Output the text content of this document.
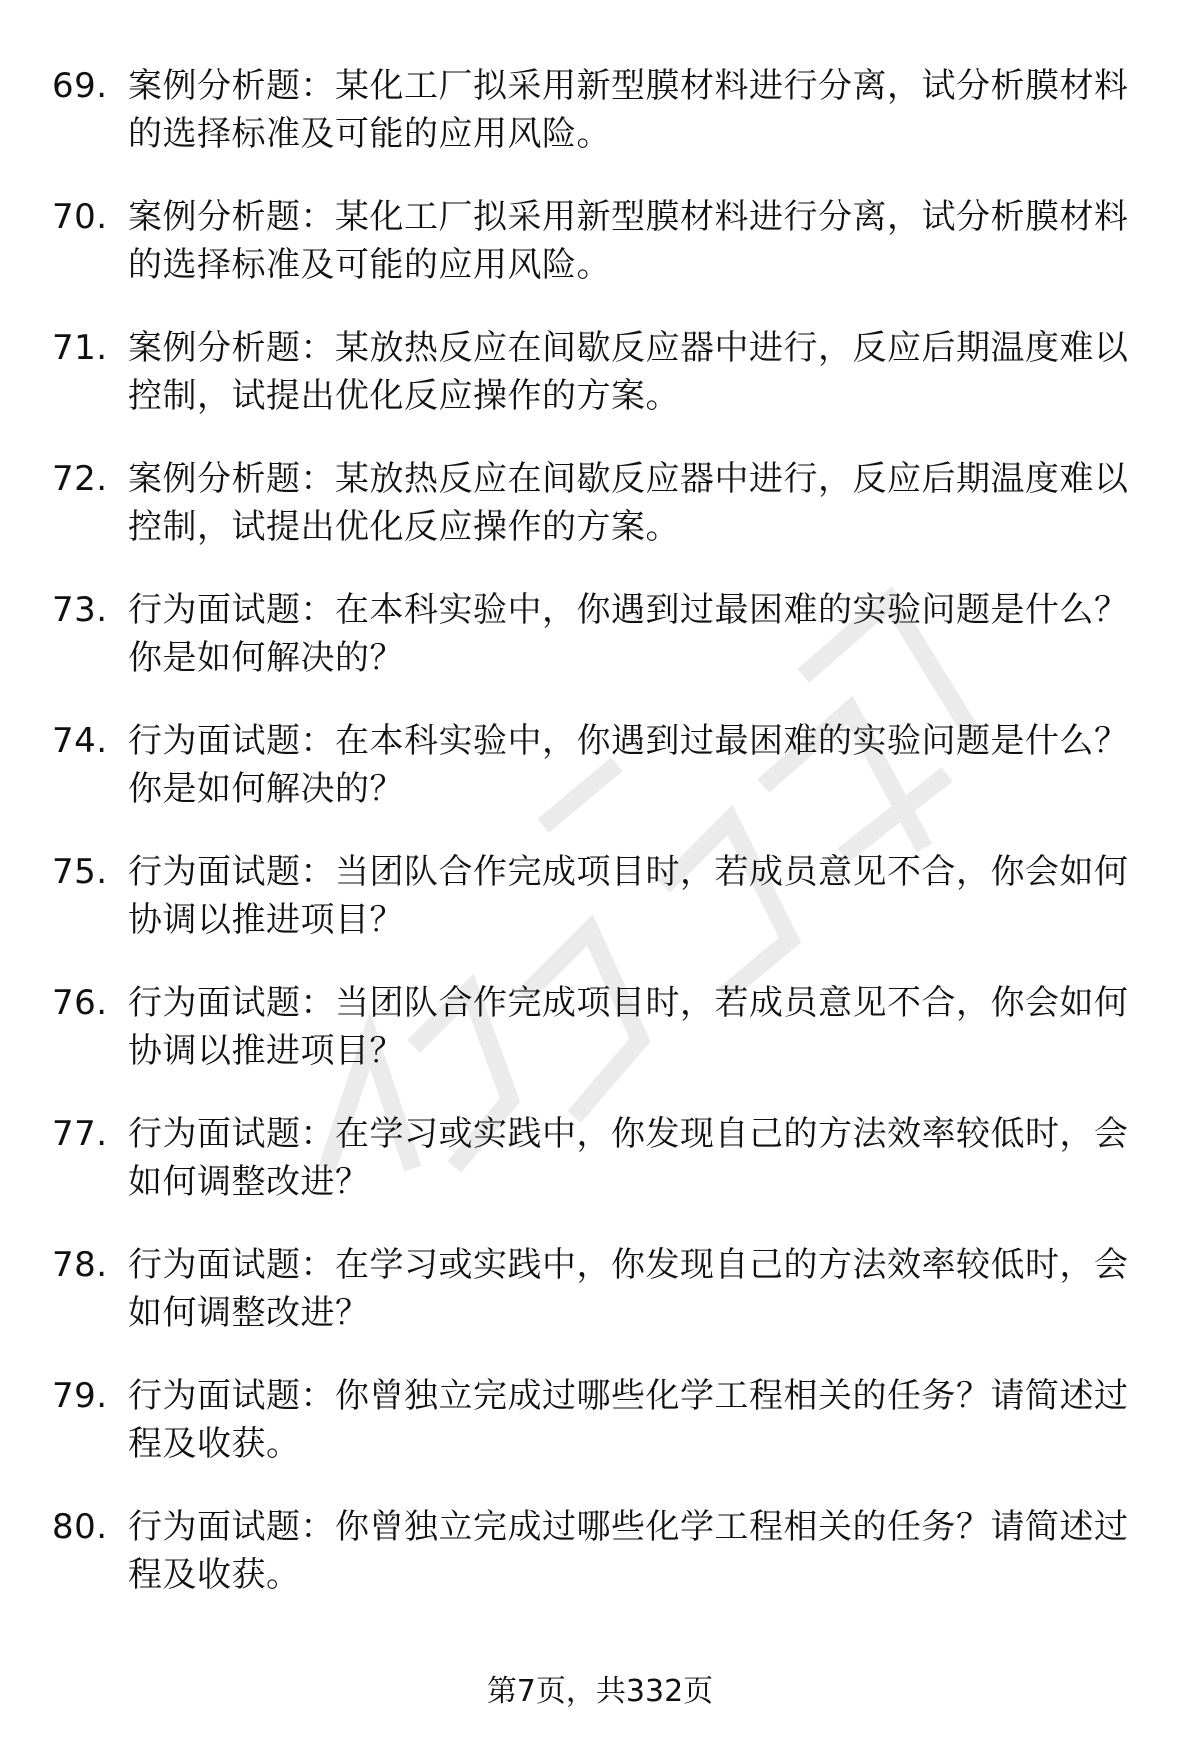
69. 案例分析题：某化工厂拟采用新型膜材料进行分离，试分析膜材料的选择标准及可能的应用风险。
70. 案例分析题：某化工厂拟采用新型膜材料进行分离，试分析膜材料的选择标准及可能的应用风险。
71. 案例分析题：某放热反应在间歇反应器中进行，反应后期温度难以控制，试提出优化反应操作的方案。
72. 案例分析题：某放热反应在间歇反应器中进行，反应后期温度难以控制，试提出优化反应操作的方案。
73. 行为面试题：在本科实验中，你遇到过最困难的实验问题是什么？你是如何解决的？
74. 行为面试题：在本科实验中，你遇到过最困难的实验问题是什么？你是如何解决的？
75. 行为面试题：当团队合作完成项目时，若成员意见不合，你会如何协调以推进项目？
76. 行为面试题：当团队合作完成项目时，若成员意见不合，你会如何协调以推进项目？
77. 行为面试题：在学习或实践中，你发现自己的方法效率较低时，会如何调整改进？
78. 行为面试题：在学习或实践中，你发现自己的方法效率较低时，会如何调整改进？
79. 行为面试题：你曾独立完成过哪些化学工程相关的任务？请简述过程及收获。
80. 行为面试题：你曾独立完成过哪些化学工程相关的任务？请简述过程及收获。
第7页，共332页
